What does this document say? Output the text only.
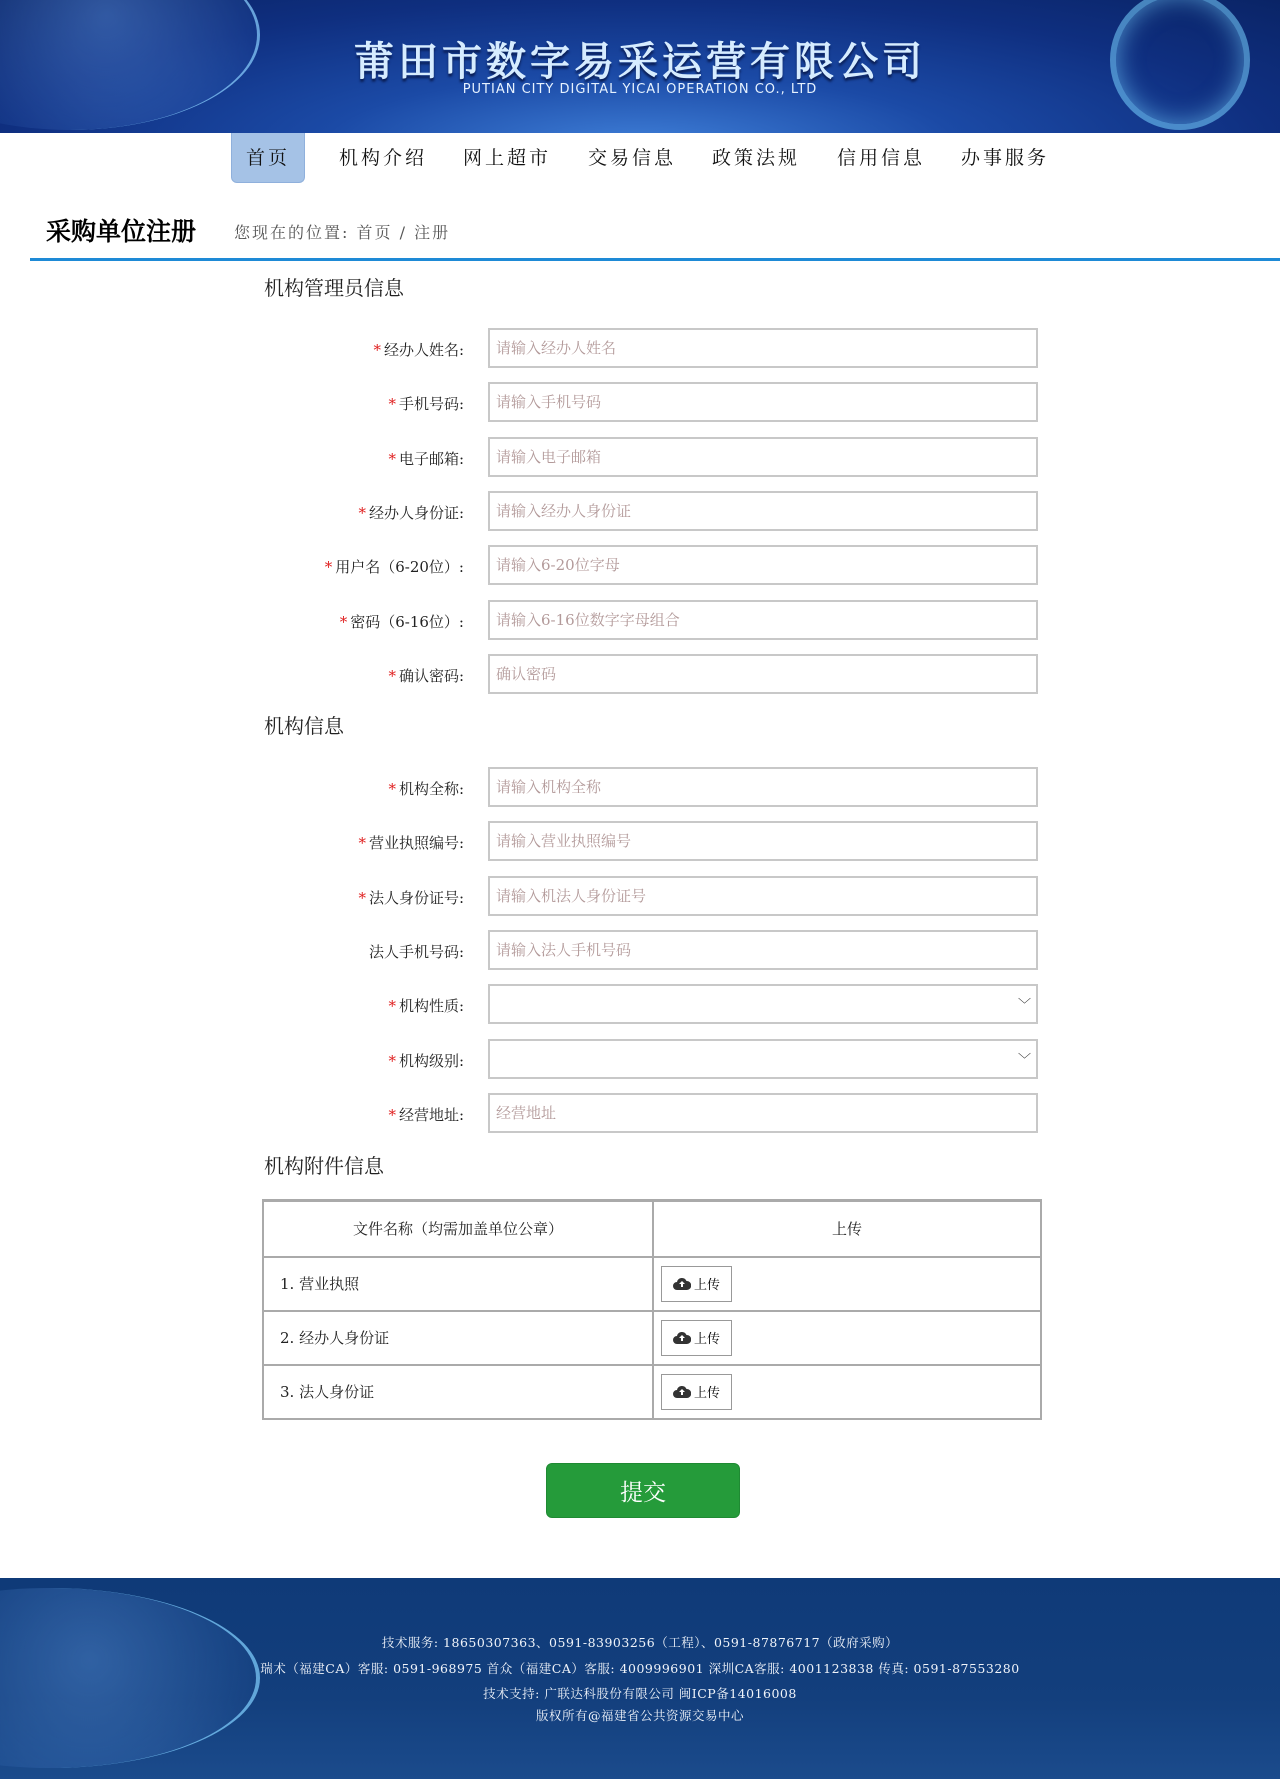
莆田市数字易采运营有限公司
PUTIAN CITY DIGITAL YICAI OPERATION CO., LTD
首页	机构介绍	网上超市	交易信息	政策法规	信用信息	办事服务
采购单位注册 您现在的位置: 首页 / 注册
机构管理员信息
* 经办人姓名: 请输入经办人姓名
* 手机号码: 请输入手机号码
* 电子邮箱: 请输入电子邮箱
* 经办人身份证: 请输入经办人身份证
* 用户名（6-20位）: 请输入6-20位字母
* 密码（6-16位）: 请输入6-16位数字字母组合
* 确认密码: 确认密码
机构信息
* 机构全称: 请输入机构全称
* 营业执照编号: 请输入营业执照编号
* 法人身份证号: 请输入机法人身份证号
法人手机号码: 请输入法人手机号码
* 机构性质:	﹀
* 机构级别:	﹀
* 经营地址: 经营地址
机构附件信息
文件名称（均需加盖单位公章）	上传
1. 营业执照	上传

2. 经办人身份证	上传

3. 法人身份证	上传
提交
技术服务: 18650307363、0591-83903256（工程）、0591-87876717（政府采购）
瑞术（福建CA）客服: 0591-968975 首众（福建CA）客服: 4009996901 深圳CA客服: 4001123838 传真: 0591-87553280
技术支持: 广联达科股份有限公司 闽ICP备14016008
版权所有@福建省公共资源交易中心
